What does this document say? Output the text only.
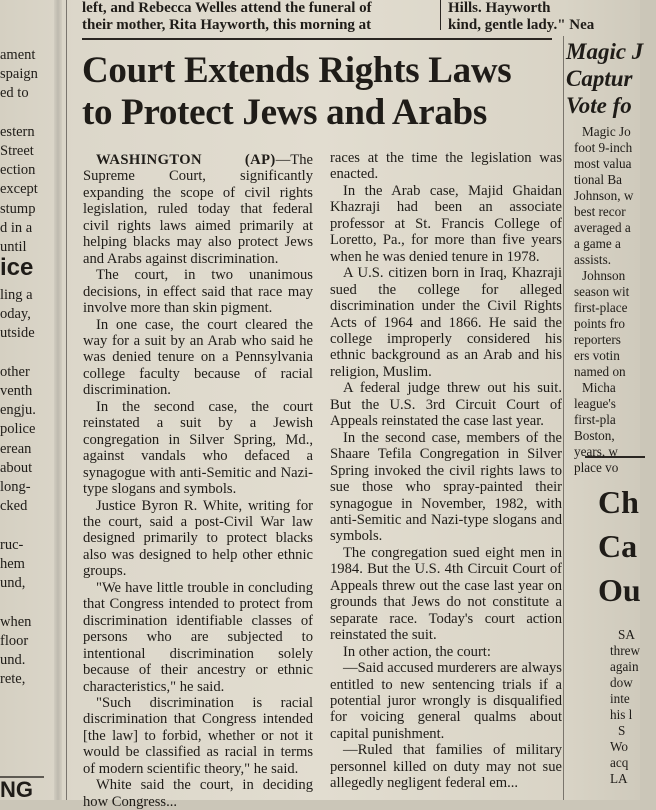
left, and Rebecca Welles attend the funeral of
their mother, Rita Hayworth, this morning at
Hills. Hayworth
kind, gentle lady." Nea
ament
spaign
ed to

estern
Street
ection
except
stump
d in a
until
ice
ling a
oday,
utside

other
venth
engju.
police
erean
about
long-
cked
ruc-
hem
und,

when
floor
und.
rete,
NG
Court Extends Rights Laws
to Protect Jews and Arabs

WASHINGTON (AP)—The Supreme Court, significantly expanding the scope of civil rights legislation, ruled today that federal civil rights laws aimed primarily at helping blacks may also protect Jews and Arabs against discrimination.

The court, in two unanimous decisions, in effect said that race may involve more than skin pigment.

In one case, the court cleared the way for a suit by an Arab who said he was denied tenure on a Pennsylvania college faculty because of racial discrimination.

In the second case, the court reinstated a suit by a Jewish congregation in Silver Spring, Md., against vandals who defaced a synagogue with anti-Semitic and Nazi-type slogans and symbols.

Justice Byron R. White, writing for the court, said a post-Civil War law designed primarily to protect blacks also was designed to help other ethnic groups.

"We have little trouble in concluding that Congress intended to protect from discrimination identifiable classes of persons who are subjected to intentional discrimination solely because of their ancestry or ethnic characteristics," he said.

"Such discrimination is racial discrimination that Congress intended [the law] to forbid, whether or not it would be classified as racial in terms of modern scientific theory," he said.

White said the court, in deciding how Congress...

races at the time the legislation was enacted.

In the Arab case, Majid Ghaidan Khazraji had been an associate professor at St. Francis College of Loretto, Pa., for more than five years when he was denied tenure in 1978.

A U.S. citizen born in Iraq, Khazraji sued the college for alleged discrimination under the Civil Rights Acts of 1964 and 1866. He said the college improperly considered his ethnic background as an Arab and his religion, Muslim.

A federal judge threw out his suit. But the U.S. 3rd Circuit Court of Appeals reinstated the case last year.

In the second case, members of the Shaare Tefila Congregation in Silver Spring invoked the civil rights laws to sue those who spray-painted their synagogue in November, 1982, with anti-Semitic and Nazi-type slogans and symbols.

The congregation sued eight men in 1984. But the U.S. 4th Circuit Court of Appeals threw out the case last year on grounds that Jews do not constitute a separate race. Today's court action reinstated the suit.

In other action, the court:

—Said accused murderers are always entitled to new sentencing trials if a potential juror wrongly is disqualified for voicing general qualms about capital punishment.

—Ruled that families of military personnel killed on duty may not sue allegedly negligent federal em...

Magic J
Captur
Vote fo
Magic Jo
foot 9-inch
most valua
tional Ba
Johnson, w
best recor
averaged a
a game a
assists.
Johnson
season wit
first-place
points fro
reporters
ers votin
named on
Micha
league's
first-pla
Boston,
years, w
place vo
Ch
Ca
Ou
SA
threw
again
dow
inte
his l
S
Wo
acq
LA
